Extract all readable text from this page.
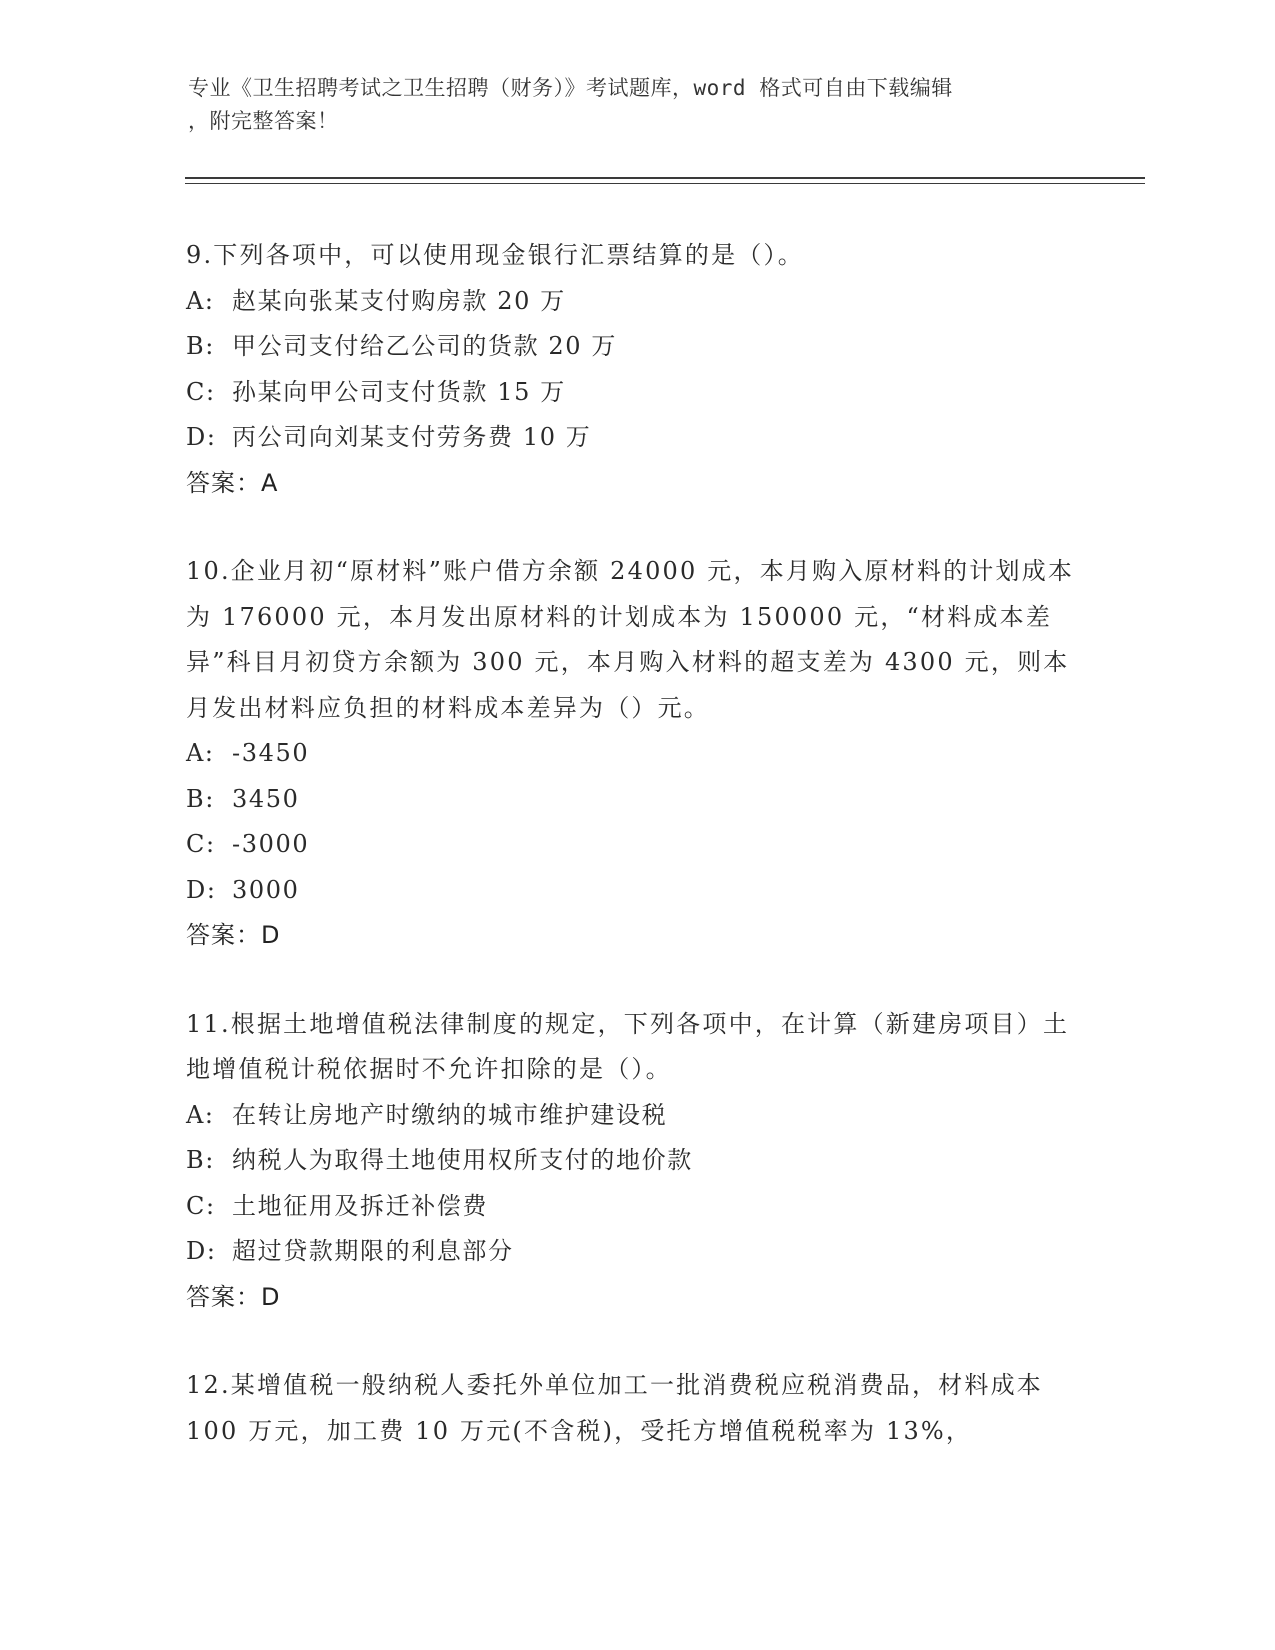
专业《卫生招聘考试之卫生招聘（财务）》考试题库，word 格式可自由下载编辑

，附完整答案！

9.下列各项中，可以使用现金银行汇票结算的是（）。

A: 赵某向张某支付购房款 20 万

B: 甲公司支付给乙公司的货款 20 万

C: 孙某向甲公司支付货款 15 万

D: 丙公司向刘某支付劳务费 10 万

答案：A

10.企业月初“原材料”账户借方余额 24000 元，本月购入原材料的计划成本为 176000 元，本月发出原材料的计划成本为 150000 元，“材料成本差异”科目月初贷方余额为 300 元，本月购入材料的超支差为 4300 元，则本月发出材料应负担的材料成本差异为（）元。

A: -3450

B: 3450

C: -3000

D: 3000

答案：D

11.根据土地增值税法律制度的规定，下列各项中，在计算（新建房项目）土地增值税计税依据时不允许扣除的是（）。

A: 在转让房地产时缴纳的城市维护建设税

B: 纳税人为取得土地使用权所支付的地价款

C: 土地征用及拆迁补偿费

D: 超过贷款期限的利息部分

答案：D

12.某增值税一般纳税人委托外单位加工一批消费税应税消费品，材料成本 100 万元，加工费 10 万元(不含税)，受托方增值税税率为 13%，
